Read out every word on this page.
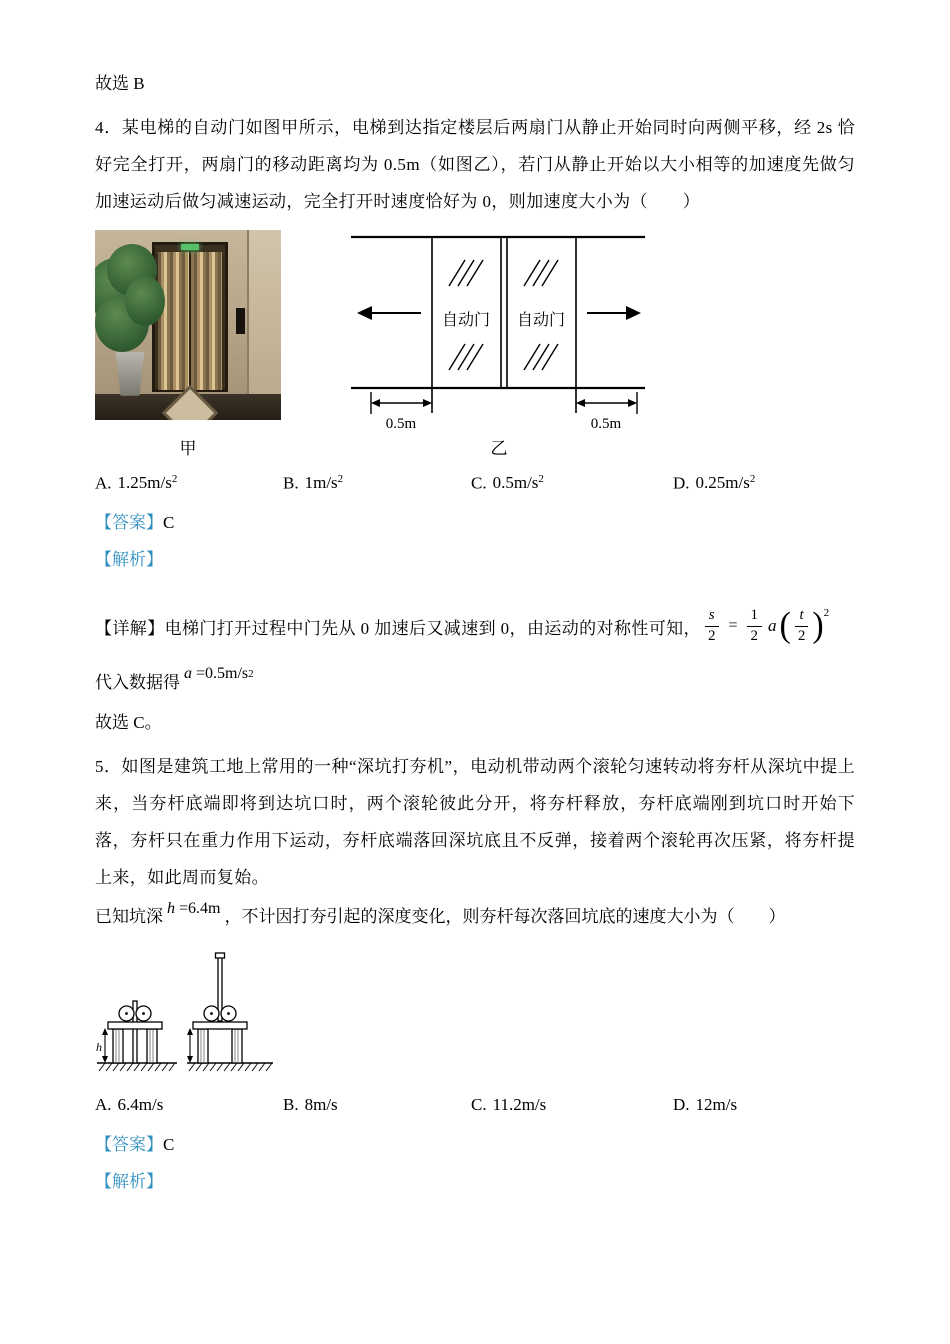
故选 B

4．某电梯的自动门如图甲所示，电梯到达指定楼层后两扇门从静止开始同时向两侧平移，经 2s 恰好完全打开，两扇门的移动距离均为 0.5m（如图乙），若门从静止开始以大小相等的加速度先做匀加速运动后做匀减速运动，完全打开时速度恰好为 0，则加速度大小为（　　）

自动门 自动门
0.5m	0.5m
甲	乙
A. $1.25m/s^2$	B. $1m/s^2$	C. $0.5m/s^2$	D. $0.25m/s^2$

【答案】C

【解析】

【详解】 电梯门打开过程中门先从 0 加速后又减速到 0，由运动的对称性可知， $\frac{s}{2} = \frac{1}{2}$ a ( $\frac{t}{2}$ ) 2
代入数据得 a =0.5m/s 2

故选 C。

5．如图是建筑工地上常用的一种“深坑打夯机”，电动机带动两个滚轮匀速转动将夯杆从深坑中提上来，当夯杆底端即将到达坑口时，两个滚轮彼此分开，将夯杆释放，夯杆底端刚到坑口时开始下落，夯杆只在重力作用下运动，夯杆底端落回深坑底且不反弹，接着两个滚轮再次压紧，将夯杆提上来，如此周而复始。

已知坑深 h =6.4m ，不计因打夯引起的深度变化，则夯杆每次落回坑底的速度大小为（　　）
h
A. 6.4m/s	B. 8m/s	C. 11.2m/s	D. 12m/s

【答案】C

【解析】
